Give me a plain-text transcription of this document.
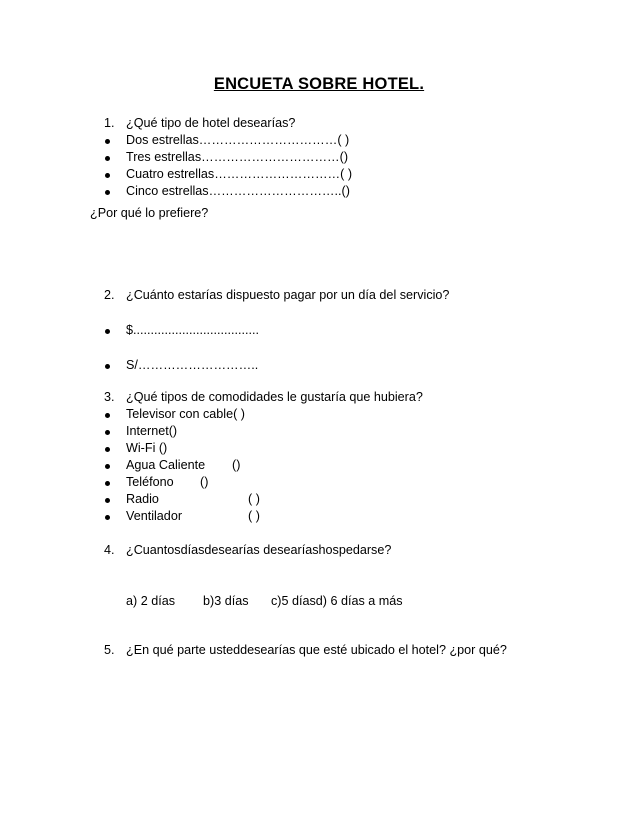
ENCUETA SOBRE HOTEL.
1. ¿Qué tipo de hotel desearías?
Dos estrellas……………………………( )
Tres estrellas……………………………()
Cuatro estrellas…………………………( )
Cinco estrellas…………………………..()
¿Por qué lo prefiere?
2. ¿Cuánto estarías dispuesto pagar por un día del servicio?
$....................................
S/………………………..
3. ¿Qué tipos de comodidades le gustaría que hubiera?
Televisor con cable( )
Internet()
Wi-Fi ()
Agua Caliente ()
Teléfono ()
Radio	( )
Ventilador	( )
4. ¿Cuantosdíasdesearías desearíashospedarse?
a) 2 días b)3 días c)5 díasd) 6 días a más
5. ¿En qué parte usteddesearías que esté ubicado el hotel? ¿por qué?
